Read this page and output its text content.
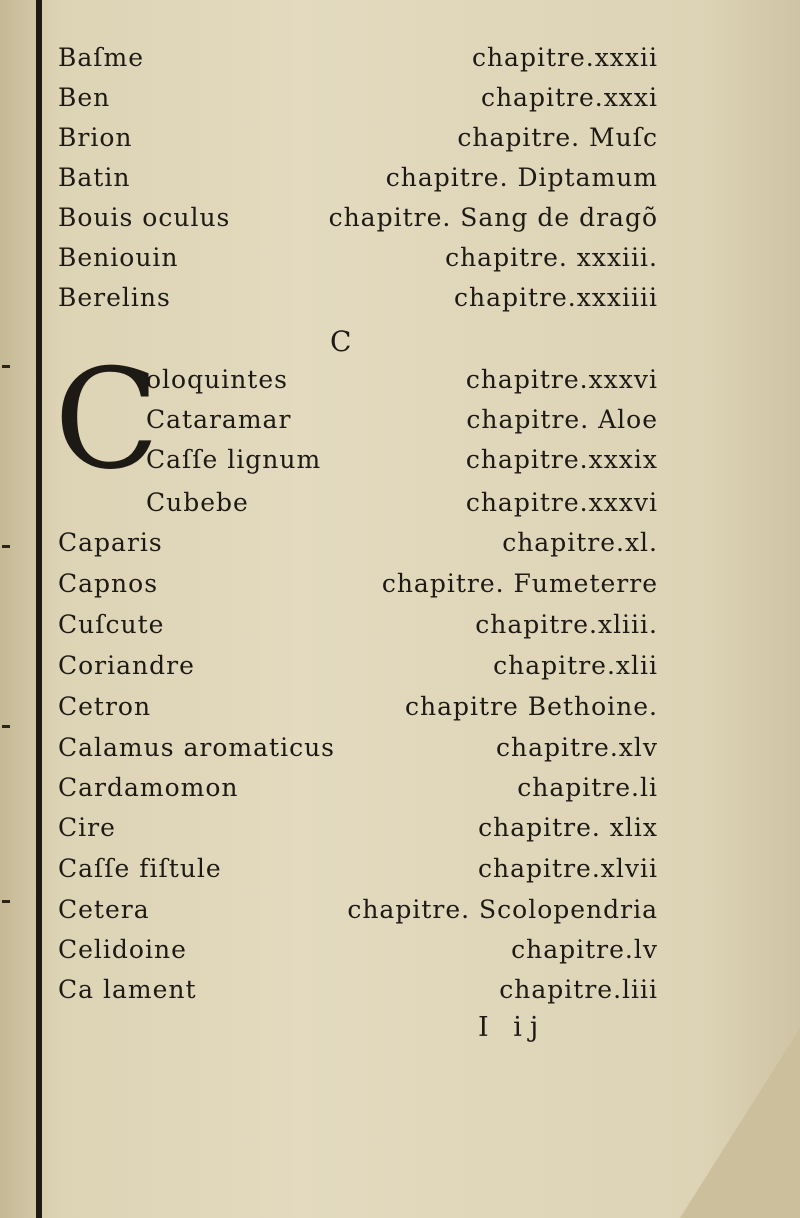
Baſme	chapitre.xxxii
Ben	chapitre.xxxi
Brion	chapitre. Muſc
Batin	chapitre. Diptamum
Bouis oculus	chapitre. Sang de dragõ
Beniouin	chapitre. xxxiii.
Berelins	chapitre.xxxiiii
C
C
oloquintes	chapitre.xxxvi
Cataramar	chapitre. Aloe
Caſſe lignum	chapitre.xxxix
Cubebe	chapitre.xxxvi
Caparis	chapitre.xl.
Capnos	chapitre. Fumeterre
Cuſcute	chapitre.xliii.
Coriandre	chapitre.xlii
Cetron	chapitre Bethoine.
Calamus aromaticus	chapitre.xlv
Cardamomon	chapitre.li
Cire	chapitre. xlix
Caſſe fiſtule	chapitre.xlvii
Cetera	chapitre. Scolopendria
Celidoine	chapitre.lv
Ca lament	chapitre.liii
I ij
